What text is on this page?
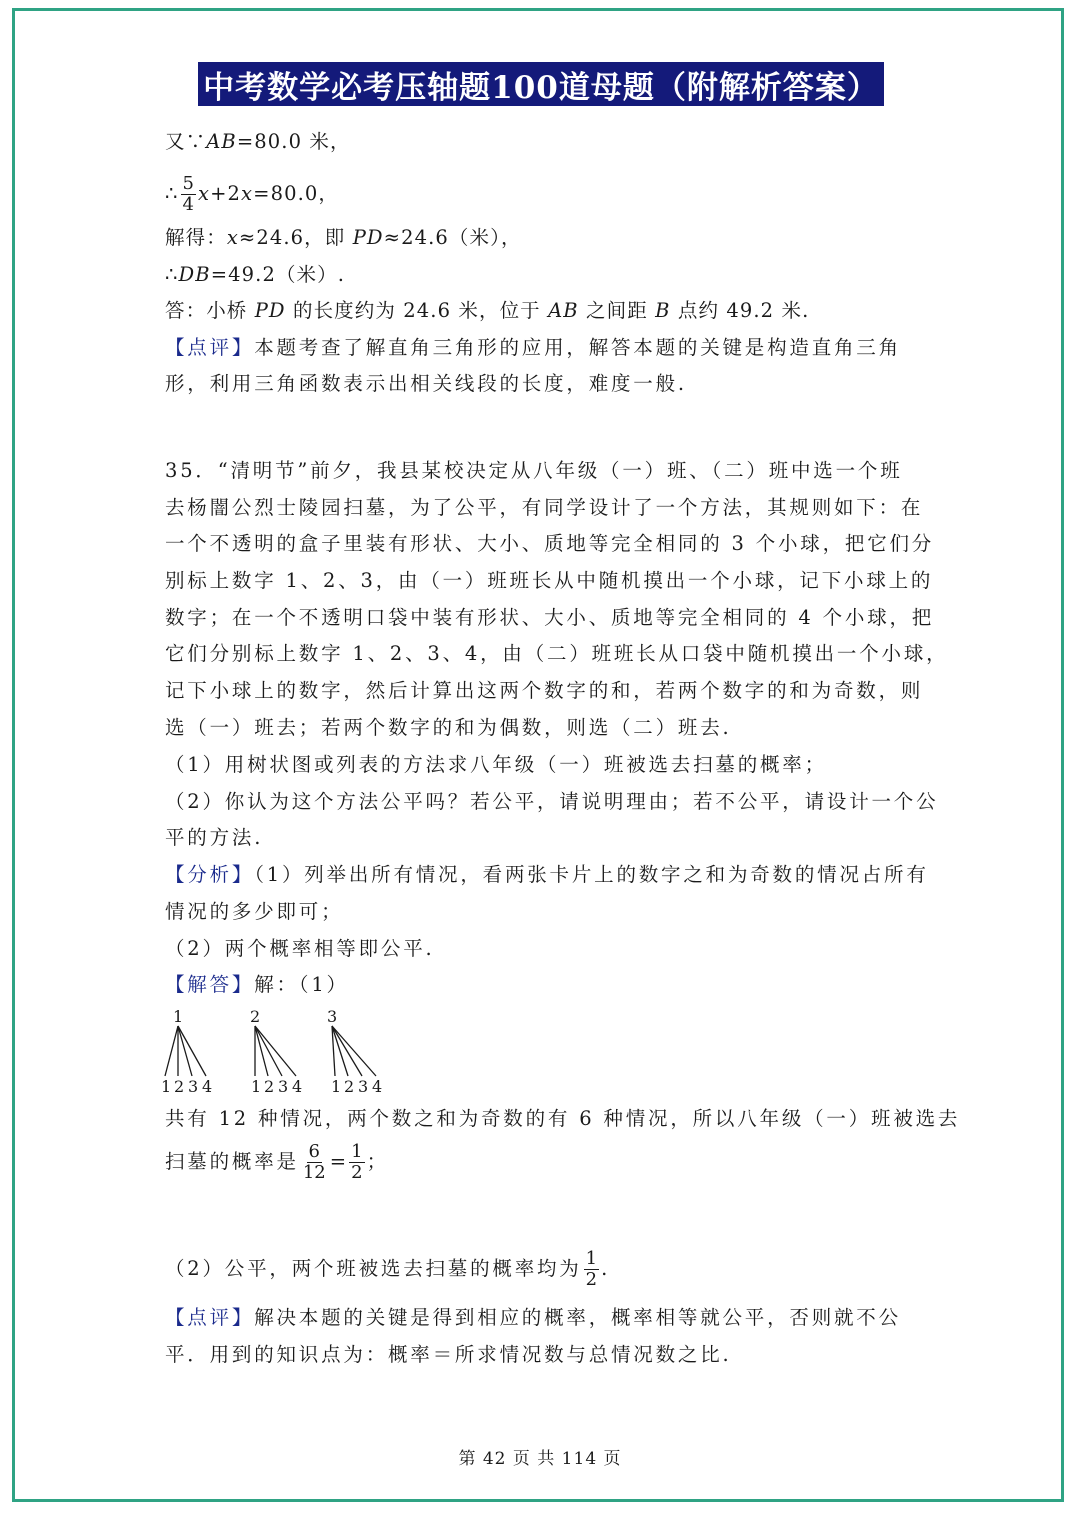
中考数学必考压轴题100道母题（附解析答案）
又∵AB=80.0 米，
∴ $\frac{5}{4} x+2x=80.0$，
解得：x≈24.6，即 PD≈24.6（米），
∴DB=49.2（米）.
答：小桥 PD 的长度约为 24.6 米，位于 AB 之间距 B 点约 49.2 米.
【点评】本题考查了解直角三角形的应用，解答本题的关键是构造直角三角
形，利用三角函数表示出相关线段的长度，难度一般.
35．“清明节”前夕，我县某校决定从八年级（一）班、（二）班中选一个班
去杨闇公烈士陵园扫墓，为了公平，有同学设计了一个方法，其规则如下：在
一个不透明的盒子里装有形状、大小、质地等完全相同的 3 个小球，把它们分
别标上数字 1、2、3，由（一）班班长从中随机摸出一个小球，记下小球上的
数字；在一个不透明口袋中装有形状、大小、质地等完全相同的 4 个小球，把
它们分别标上数字 1、2、3、4，由（二）班班长从口袋中随机摸出一个小球，
记下小球上的数字，然后计算出这两个数字的和，若两个数字的和为奇数，则
选（一）班去；若两个数字的和为偶数，则选（二）班去.
（1）用树状图或列表的方法求八年级（一）班被选去扫墓的概率；
（2）你认为这个方法公平吗？若公平，请说明理由；若不公平，请设计一个公
平的方法.
【分析】（1）列举出所有情况，看两张卡片上的数字之和为奇数的情况占所有
情况的多少即可；
（2）两个概率相等即公平.
【解答】解：（1）
1
1 2 3 4
2
1 2 3 4
3
1 2 3 4
共有 12 种情况，两个数之和为奇数的有 6 种情况，所以八年级（一）班被选去
扫墓的概率是 $\frac{6}{12} = \frac{1}{2}$ ；
（2）公平，两个班被选去扫墓的概率均为 $\frac{1}{2}$ .
【点评】解决本题的关键是得到相应的概率，概率相等就公平，否则就不公
平．用到的知识点为：概率＝所求情况数与总情况数之比.
第 42 页 共 114 页
